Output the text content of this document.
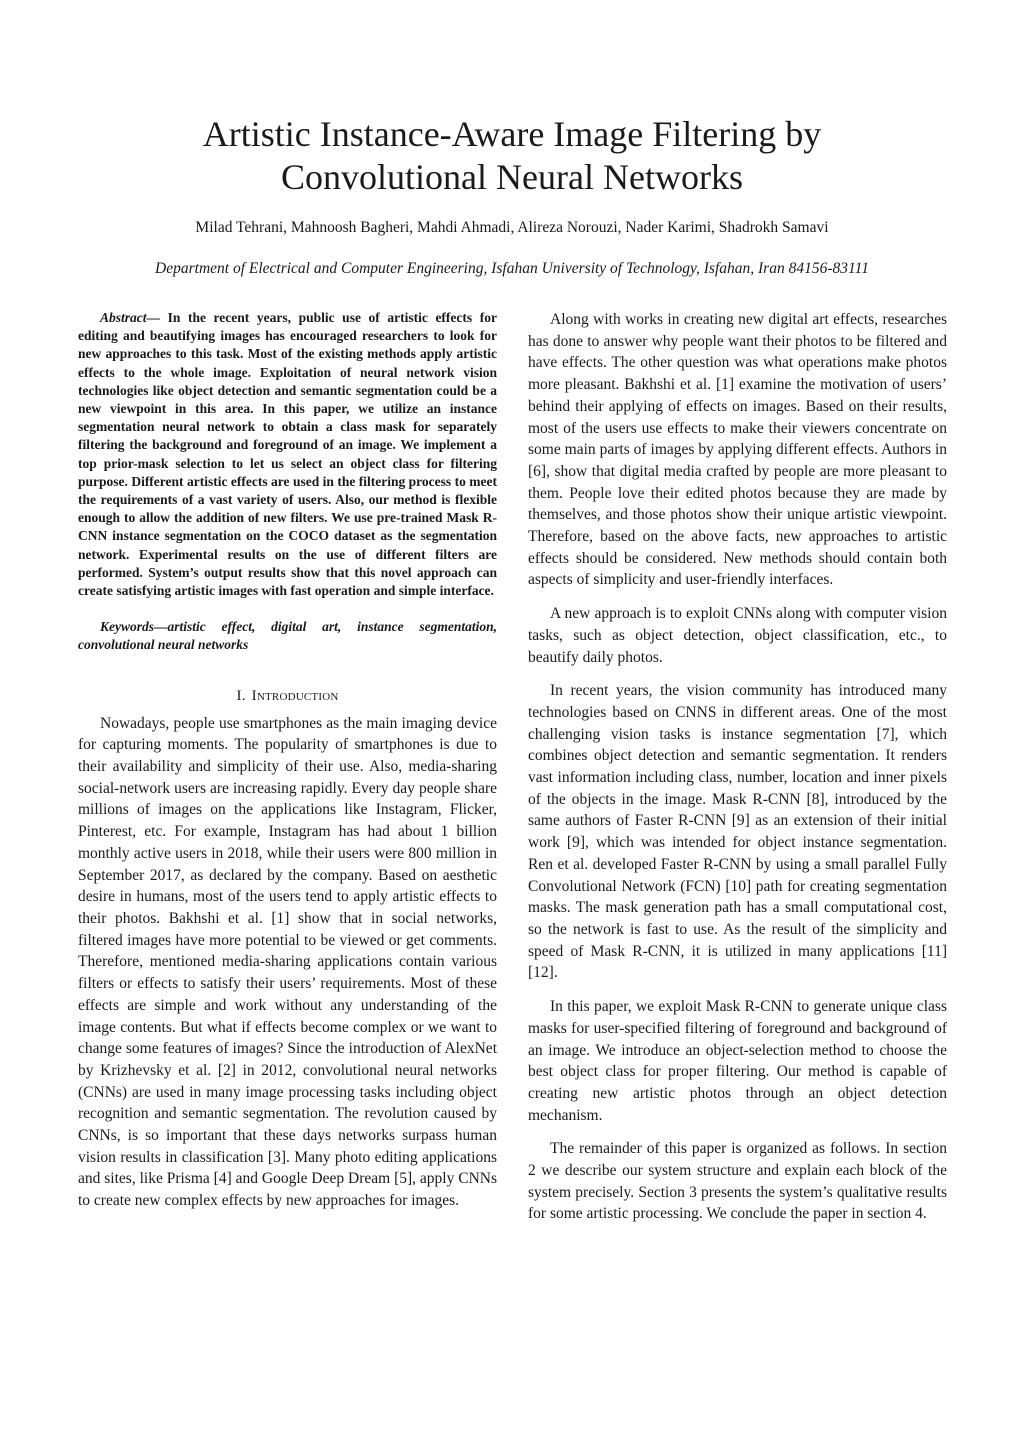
Artistic Instance-Aware Image Filtering by Convolutional Neural Networks
Milad Tehrani, Mahnoosh Bagheri, Mahdi Ahmadi, Alireza Norouzi, Nader Karimi, Shadrokh Samavi
Department of Electrical and Computer Engineering, Isfahan University of Technology, Isfahan, Iran 84156-83111

Abstract— In the recent years, public use of artistic effects for editing and beautifying images has encouraged researchers to look for new approaches to this task. Most of the existing methods apply artistic effects to the whole image. Exploitation of neural network vision technologies like object detection and semantic segmentation could be a new viewpoint in this area. In this paper, we utilize an instance segmentation neural network to obtain a class mask for separately filtering the background and foreground of an image. We implement a top prior-mask selection to let us select an object class for filtering purpose. Different artistic effects are used in the filtering process to meet the requirements of a vast variety of users. Also, our method is flexible enough to allow the addition of new filters. We use pre-trained Mask R-CNN instance segmentation on the COCO dataset as the segmentation network. Experimental results on the use of different filters are performed. System’s output results show that this novel approach can create satisfying artistic images with fast operation and simple interface.

Keywords—artistic effect, digital art, instance segmentation, convolutional neural networks

I. Introduction

Nowadays, people use smartphones as the main imaging device for capturing moments. The popularity of smartphones is due to their availability and simplicity of their use. Also, media-sharing social-network users are increasing rapidly. Every day people share millions of images on the applications like Instagram, Flicker, Pinterest, etc. For example, Instagram has had about 1 billion monthly active users in 2018, while their users were 800 million in September 2017, as declared by the company. Based on aesthetic desire in humans, most of the users tend to apply artistic effects to their photos. Bakhshi et al. [1] show that in social networks, filtered images have more potential to be viewed or get comments. Therefore, mentioned media-sharing applications contain various filters or effects to satisfy their users’ requirements. Most of these effects are simple and work without any understanding of the image contents. But what if effects become complex or we want to change some features of images? Since the introduction of AlexNet by Krizhevsky et al. [2] in 2012, convolutional neural networks (CNNs) are used in many image processing tasks including object recognition and semantic segmentation. The revolution caused by CNNs, is so important that these days networks surpass human vision results in classification [3]. Many photo editing applications and sites, like Prisma [4] and Google Deep Dream [5], apply CNNs to create new complex effects by new approaches for images.

Along with works in creating new digital art effects, researches has done to answer why people want their photos to be filtered and have effects. The other question was what operations make photos more pleasant. Bakhshi et al. [1] examine the motivation of users’ behind their applying of effects on images. Based on their results, most of the users use effects to make their viewers concentrate on some main parts of images by applying different effects. Authors in [6], show that digital media crafted by people are more pleasant to them. People love their edited photos because they are made by themselves, and those photos show their unique artistic viewpoint. Therefore, based on the above facts, new approaches to artistic effects should be considered. New methods should contain both aspects of simplicity and user-friendly interfaces.

A new approach is to exploit CNNs along with computer vision tasks, such as object detection, object classification, etc., to beautify daily photos.

In recent years, the vision community has introduced many technologies based on CNNS in different areas. One of the most challenging vision tasks is instance segmentation [7], which combines object detection and semantic segmentation. It renders vast information including class, number, location and inner pixels of the objects in the image. Mask R-CNN [8], introduced by the same authors of Faster R-CNN [9] as an extension of their initial work [9], which was intended for object instance segmentation. Ren et al. developed Faster R-CNN by using a small parallel Fully Convolutional Network (FCN) [10] path for creating segmentation masks. The mask generation path has a small computational cost, so the network is fast to use. As the result of the simplicity and speed of Mask R-CNN, it is utilized in many applications [11] [12].

In this paper, we exploit Mask R-CNN to generate unique class masks for user-specified filtering of foreground and background of an image. We introduce an object-selection method to choose the best object class for proper filtering. Our method is capable of creating new artistic photos through an object detection mechanism.

The remainder of this paper is organized as follows. In section 2 we describe our system structure and explain each block of the system precisely. Section 3 presents the system’s qualitative results for some artistic processing. We conclude the paper in section 4.
